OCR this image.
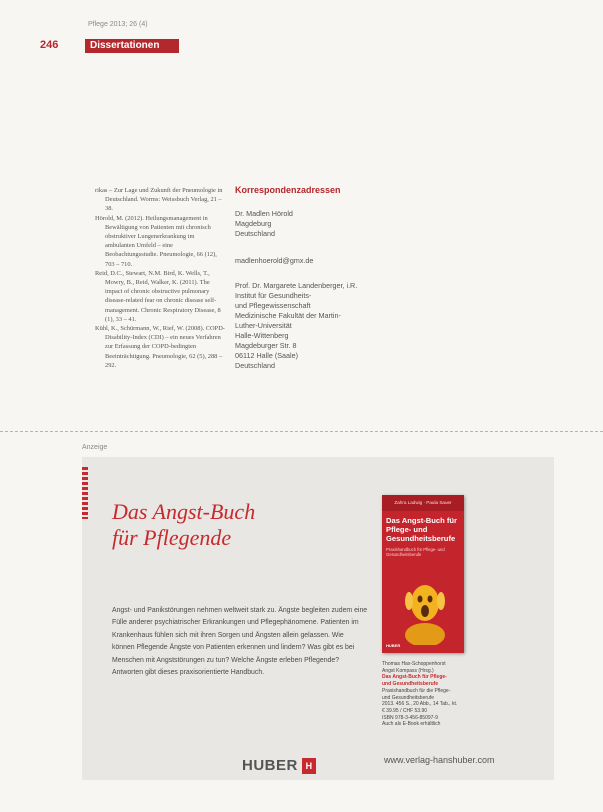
Pflege 2013; 26 (4)
246	Dissertationen

rikas – Zur Lage und Zukunft der Pneumologie in Deutschland. Worms: Weissbuch Verlag, 21 – 38.

Hörold, M. (2012). Heilungsmanagement in Bewältigung von Patienten mit chronisch obstruktiver Lungenerkrankung im ambulanten Umfeld – eine Beobachtungsstudie. Pneumologie, 66 (12), 703 – 710.

Reid, D.C., Stewart, N.M. Bird, K. Wells, T., Mowry, B., Reid, Walker, K. (2011). The impact of chronic obstructive pulmonary disease-related fear on chronic disease self-management. Chronic Respiratory Disease, 8 (1), 33 – 41.

Kühl, K., Schürmann, W., Rief, W. (2008). COPD-Disability-Index (CDI) – ein neues Verfahren zur Erfassung der COPD-bedingten Beeinträchtigung. Pneumologie, 62 (5), 288 – 292.

Korrespondenzadressen
Dr. Madlen Hörold
Magdeburg
Deutschland
madlenhoerold@gmx.de
Prof. Dr. Margarete Landenberger, i.R.
Institut für Gesundheits-
und Pflegewissenschaft
Medizinische Fakultät der Martin-
Luther-Universität
Halle-Wittenberg
Magdeburger Str. 8
06112 Halle (Saale)
Deutschland
Anzeige
Das Angst-Buch
für Pflegende
Angst- und Panikstörungen nehmen weltweit stark zu. Ängste begleiten zudem eine Fülle anderer psychiatrischer Erkrankungen und Pflegephänomene. Patienten im Krankenhaus fühlen sich mit ihren Sorgen und Ängsten allein gelassen. Wie können Pflegende Ängste von Patienten erkennen und lindern? Was gibt es bei Menschen mit Angststörungen zu tun? Welche Ängste erleben Pflegende? Antworten gibt dieses praxisorientierte Handbuch.
Zahra Ladwig · Paula Sauer
Das Angst-Buch für Pflege- und Gesundheitsberufe
Praxishandbuch für Pflege- und Gesundheitsberufe
HUBER
Thomas Hax-Schoppenhorst
Angst Kompass (Hrsg.)
Das Angst-Buch für Pflege-
und Gesundheitsberufe
Praxishandbuch für die Pflege-
und Gesundheitsberufe
2013. 456 S., 20 Abb., 14 Tab., kt.
€ 39.95 / CHF 53.90
ISBN 978-3-456-85097-9
Auch als E-Book erhältlich
HUBER H
www.verlag-hanshuber.com
